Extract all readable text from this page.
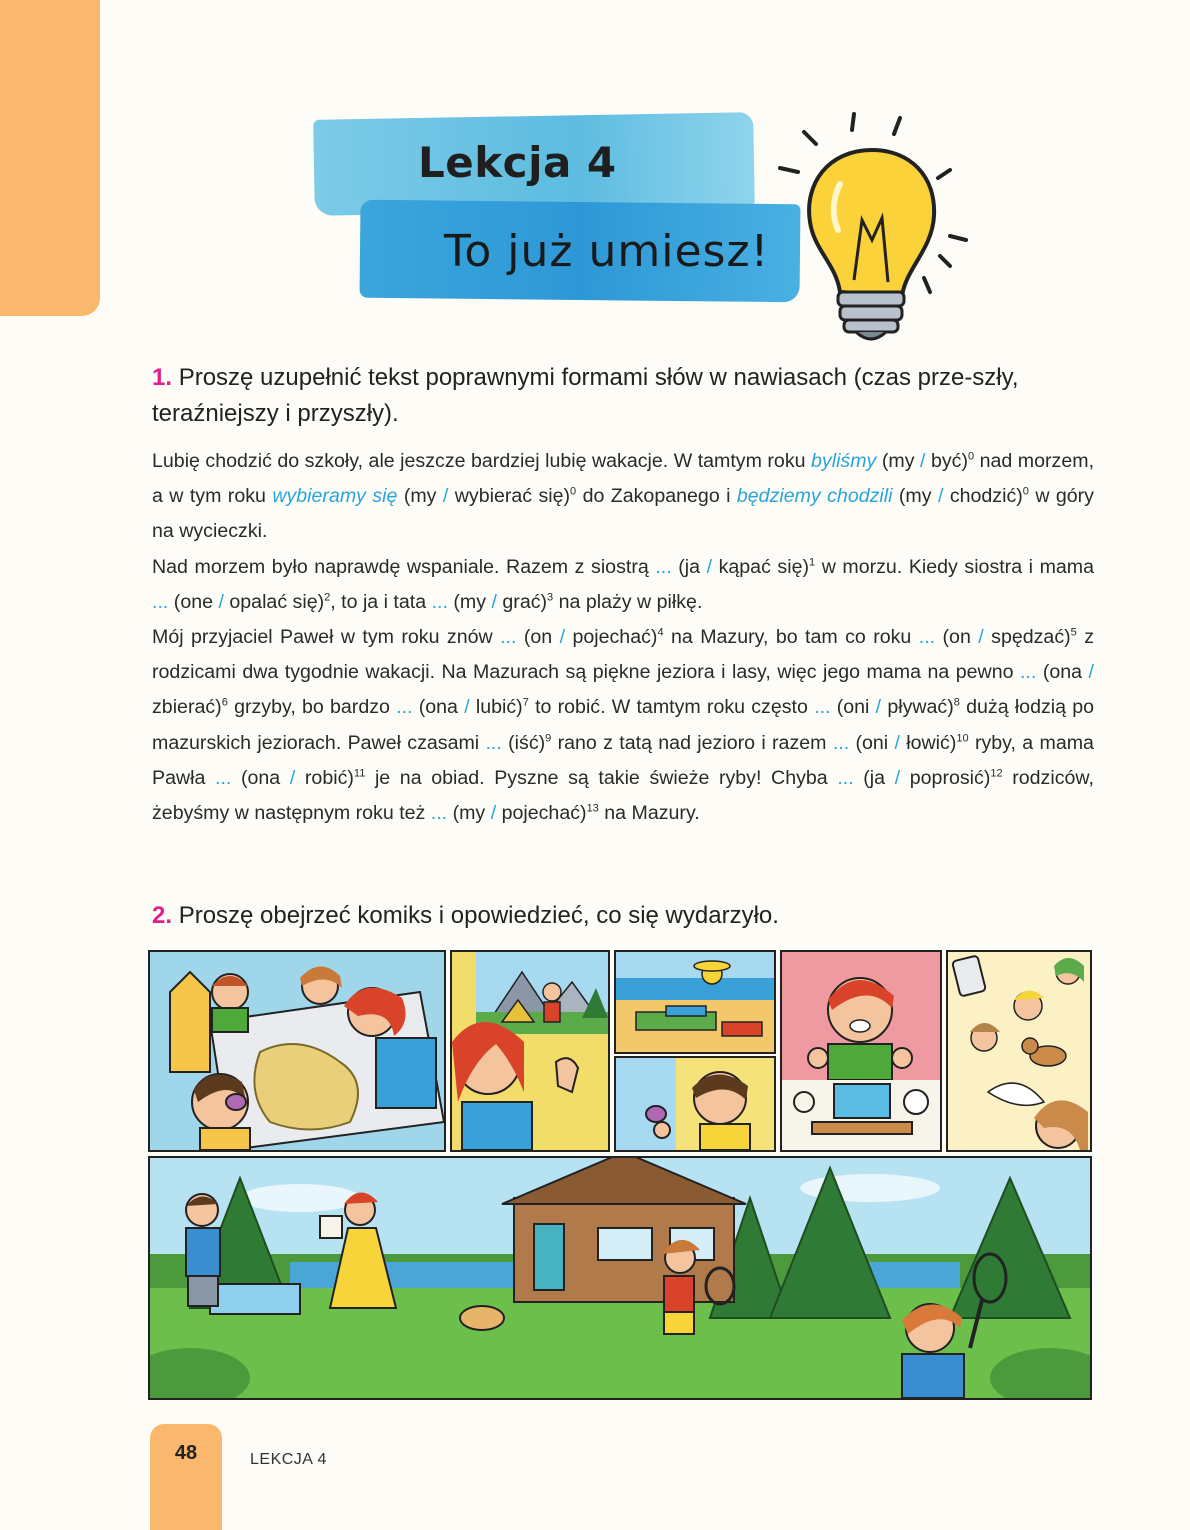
Lekcja 4
To już umiesz!
1. Proszę uzupełnić tekst poprawnymi formami słów w nawiasach (czas prze-szły, teraźniejszy i przyszły).

Lubię chodzić do szkoły, ale jeszcze bardziej lubię wakacje. W tamtym roku byliśmy (my / być)$^0$ nad morzem, a w tym roku wybieramy się (my / wybierać się)$^0$ do Zakopanego i będziemy chodzili (my / chodzić)$^0$ w góry na wycieczki.

Nad morzem było naprawdę wspaniale. Razem z siostrą ... (ja / kąpać się)$^1$ w morzu. Kiedy siostra i mama ... (one / opalać się)$^2$, to ja i tata ... (my / grać)$^3$ na plaży w piłkę.

Mój przyjaciel Paweł w tym roku znów ... (on / pojechać)$^4$ na Mazury, bo tam co roku ... (on / spędzać)$^5$ z rodzicami dwa tygodnie wakacji. Na Mazurach są piękne jeziora i lasy, więc jego mama na pewno ... (ona / zbierać)$^6$ grzyby, bo bardzo ... (ona / lubić)$^7$ to robić. W tamtym roku często ... (oni / pływać)$^8$ dużą łodzią po mazurskich jeziorach. Paweł czasami ... (iść)$^9$ rano z tatą nad jezioro i razem ... (oni / łowić)$^{10}$ ryby, a mama Pawła ... (ona / robić)$^{11}$ je na obiad. Pyszne są takie świeże ryby! Chyba ... (ja / poprosić)$^{12}$ rodziców, żebyśmy w następnym roku też ... (my / pojechać)$^{13}$ na Mazury.

2. Proszę obejrzeć komiks i opowiedzieć, co się wydarzyło.
48	LEKCJA 4
